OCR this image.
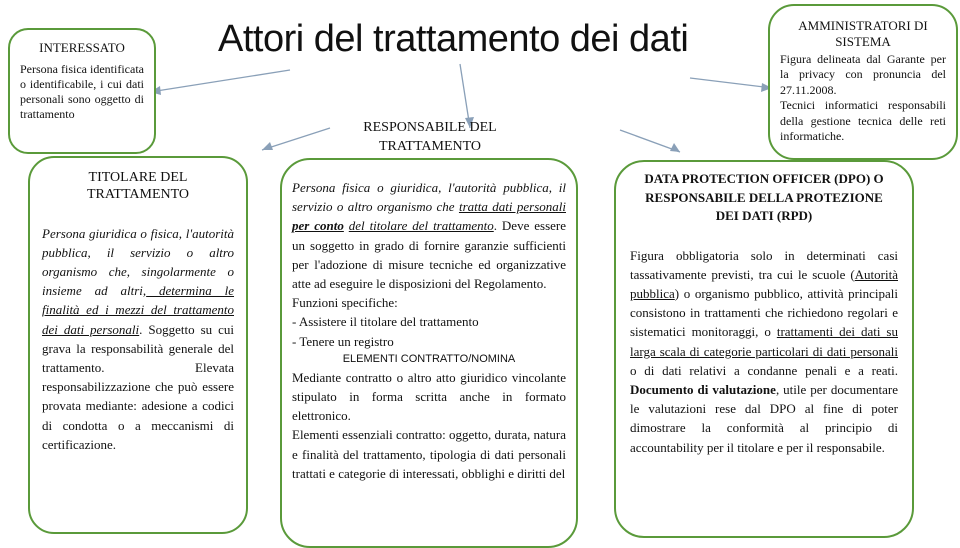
Attori del trattamento dei dati

INTERESSATO

Persona fisica identificata o identificabile, i cui dati personali sono oggetto di trattamento

TITOLARE DEL TRATTAMENTO

Persona giuridica o fisica, l'autorità pubblica, il servizio o altro organismo che, singolarmente o insieme ad altri, determina le finalità ed i mezzi del trattamento dei dati personali. Soggetto su cui grava la responsabilità generale del trattamento. Elevata responsabilizzazione che può essere provata mediante: adesione a codici di condotta o a meccanismi di certificazione.

Persona fisica o giuridica, l'autorità pubblica, il servizio o altro organismo che tratta dati personali per conto del titolare del trattamento. Deve essere un soggetto in grado di fornire garanzie sufficienti per l'adozione di misure tecniche ed organizzative atte ad eseguire le disposizioni del Regolamento.
Funzioni specifiche:
- Assistere il titolare del trattamento
- Tenere un registro

ELEMENTI CONTRATTO/NOMINA

Mediante contratto o altro atto giuridico vincolante stipulato in forma scritta anche in formato elettronico.
Elementi essenziali contratto: oggetto, durata, natura e finalità del trattamento, tipologia di dati personali trattati e categorie di interessati, obblighi e diritti del

RESPONSABILE DEL TRATTAMENTO

AMMINISTRATORI DI SISTEMA

Figura delineata dal Garante per la privacy con pronuncia del 27.11.2008.
Tecnici informatici responsabili della gestione tecnica delle reti informatiche.

DATA PROTECTION OFFICER (DPO) O RESPONSABILE DELLA PROTEZIONE DEI DATI (RPD)

Figura obbligatoria solo in determinati casi tassativamente previsti, tra cui le scuole (Autorità pubblica) o organismo pubblico, attività principali consistono in trattamenti che richiedono regolari e sistematici monitoraggi, o trattamenti dei dati su larga scala di categorie particolari di dati personali o di dati relativi a condanne penali e a reati. Documento di valutazione, utile per documentare le valutazioni rese dal DPO al fine di poter dimostrare la conformità al principio di accountability per il titolare e per il responsabile.
